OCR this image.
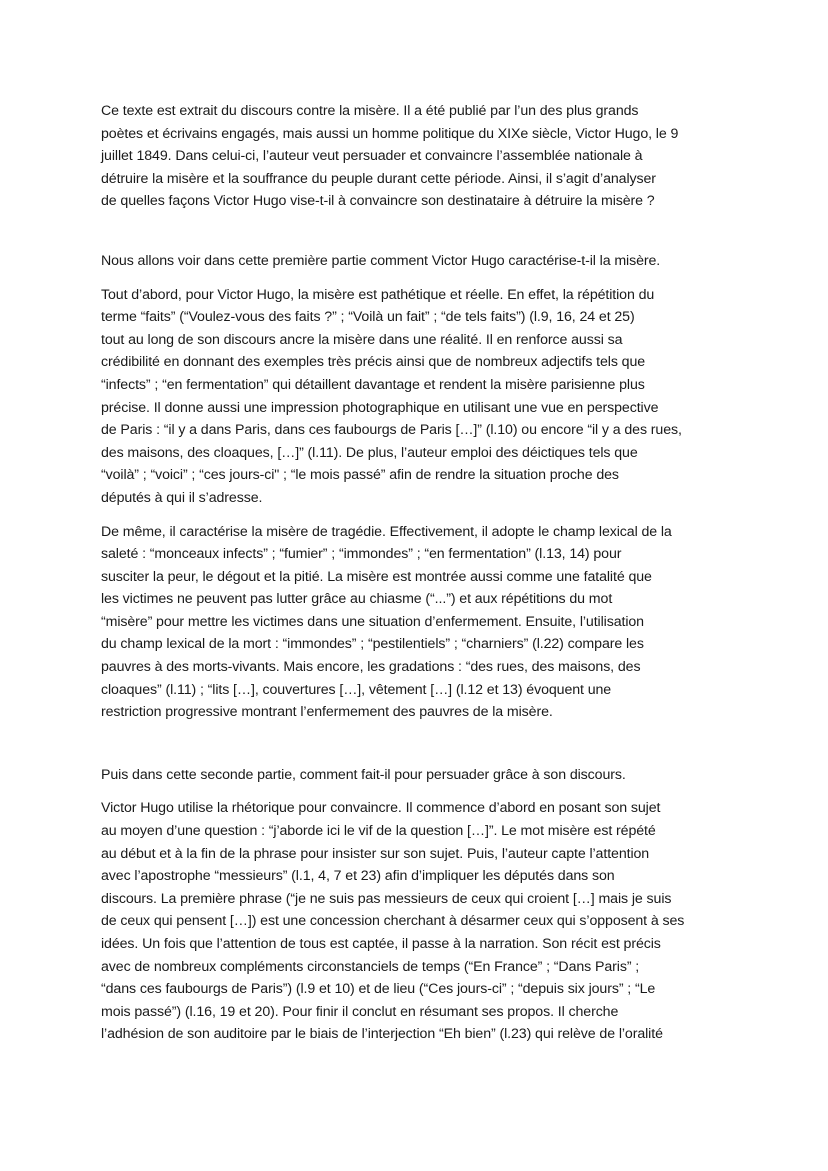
Ce texte est extrait du discours contre la misère. Il a été publié par l’un des plus grands
poètes et écrivains engagés, mais aussi un homme politique du XIXe siècle, Victor Hugo, le 9
juillet 1849. Dans celui-ci, l’auteur veut persuader et convaincre l’assemblée nationale à
détruire la misère et la souffrance du peuple durant cette période. Ainsi, il s’agit d’analyser
de quelles façons Victor Hugo vise-t-il à convaincre son destinataire à détruire la misère ?

Nous allons voir dans cette première partie comment Victor Hugo caractérise-t-il la misère.

Tout d’abord, pour Victor Hugo, la misère est pathétique et réelle. En effet, la répétition du
terme “faits” (“Voulez-vous des faits ?” ; “Voilà un fait” ; “de tels faits”) (l.9, 16, 24 et 25)
tout au long de son discours ancre la misère dans une réalité. Il en renforce aussi sa
crédibilité en donnant des exemples très précis ainsi que de nombreux adjectifs tels que
“infects” ; “en fermentation” qui détaillent davantage et rendent la misère parisienne plus
précise. Il donne aussi une impression photographique en utilisant une vue en perspective
de Paris : “il y a dans Paris, dans ces faubourgs de Paris […]” (l.10) ou encore “il y a des rues,
des maisons, des cloaques, […]” (l.11). De plus, l’auteur emploi des déictiques tels que
“voilà” ; “voici” ; “ces jours-ci" ; “le mois passé” afin de rendre la situation proche des
députés à qui il s’adresse.

De même, il caractérise la misère de tragédie. Effectivement, il adopte le champ lexical de la
saleté : “monceaux infects” ; “fumier” ; “immondes” ; “en fermentation” (l.13, 14) pour
susciter la peur, le dégout et la pitié. La misère est montrée aussi comme une fatalité que
les victimes ne peuvent pas lutter grâce au chiasme (“...”) et aux répétitions du mot
“misère” pour mettre les victimes dans une situation d’enfermement. Ensuite, l’utilisation
du champ lexical de la mort : “immondes” ; “pestilentiels” ; “charniers” (l.22) compare les
pauvres à des morts-vivants. Mais encore, les gradations : “des rues, des maisons, des
cloaques” (l.11) ; “lits […], couvertures […], vêtement […] (l.12 et 13) évoquent une
restriction progressive montrant l’enfermement des pauvres de la misère.

Puis dans cette seconde partie, comment fait-il pour persuader grâce à son discours.

Victor Hugo utilise la rhétorique pour convaincre. Il commence d’abord en posant son sujet
au moyen d’une question : “j’aborde ici le vif de la question […]”. Le mot misère est répété
au début et à la fin de la phrase pour insister sur son sujet. Puis, l’auteur capte l’attention
avec l’apostrophe “messieurs” (l.1, 4, 7 et 23) afin d’impliquer les députés dans son
discours. La première phrase (“je ne suis pas messieurs de ceux qui croient […] mais je suis
de ceux qui pensent […]) est une concession cherchant à désarmer ceux qui s’opposent à ses
idées. Un fois que l’attention de tous est captée, il passe à la narration. Son récit est précis
avec de nombreux compléments circonstanciels de temps (“En France” ; “Dans Paris” ;
“dans ces faubourgs de Paris”) (l.9 et 10) et de lieu (“Ces jours-ci” ; “depuis six jours” ; “Le
mois passé”) (l.16, 19 et 20). Pour finir il conclut en résumant ses propos. Il cherche
l’adhésion de son auditoire par le biais de l’interjection “Eh bien” (l.23) qui relève de l’oralité
